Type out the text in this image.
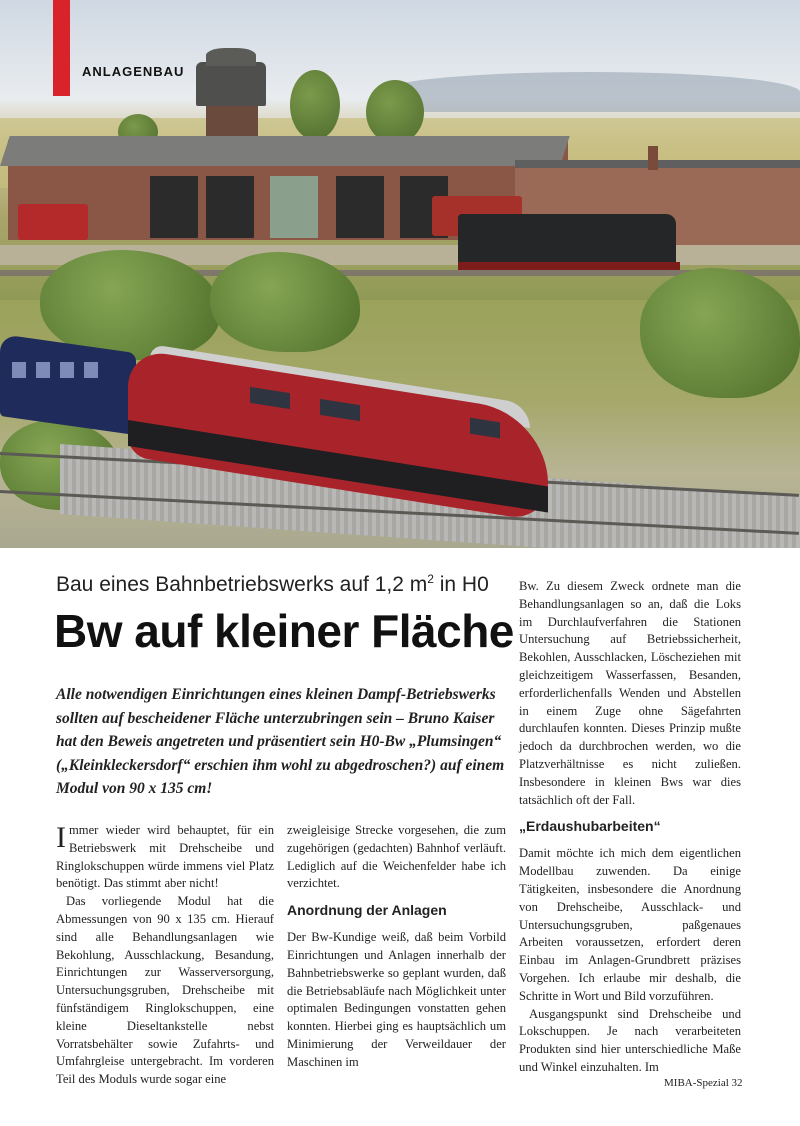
ANLAGENBAU
Bau eines Bahnbetriebswerks auf 1,2 $m^2$ in H0
Bw auf kleiner Fläche
Alle notwendigen Einrichtungen eines kleinen Dampf-Betriebswerks sollten auf bescheidener Fläche unterzubringen sein – Bruno Kaiser hat den Beweis angetreten und präsentiert sein H0-Bw „Plumsingen“ („Kleinkleckersdorf“ erschien ihm wohl zu abgedroschen?) auf einem Modul von 90 x 135 cm!

Immer wieder wird behauptet, für ein Betriebswerk mit Drehscheibe und Ringlokschuppen würde immens viel Platz benötigt. Das stimmt aber nicht!

Das vorliegende Modul hat die Abmessungen von 90 x 135 cm. Hierauf sind alle Behandlungsanlagen wie Bekohlung, Ausschlackung, Besandung, Einrichtungen zur Wasserversorgung, Untersuchungsgruben, Drehscheibe mit fünfständigem Ringlokschuppen, eine kleine Dieseltankstelle nebst Vorratsbehälter sowie Zufahrts- und Umfahrgleise untergebracht. Im vorderen Teil des Moduls wurde sogar eine

zweigleisige Strecke vorgesehen, die zum zugehörigen (gedachten) Bahnhof verläuft. Lediglich auf die Weichenfelder habe ich verzichtet.

Anordnung der Anlagen

Der Bw-Kundige weiß, daß beim Vorbild Einrichtungen und Anlagen innerhalb der Bahnbetriebswerke so geplant wurden, daß die Betriebsabläufe nach Möglichkeit unter optimalen Bedingungen vonstatten gehen konnten. Hierbei ging es hauptsächlich um Minimierung der Verweildauer der Maschinen im

Bw. Zu diesem Zweck ordnete man die Behandlungsanlagen so an, daß die Loks im Durchlaufverfahren die Stationen Untersuchung auf Betriebssicherheit, Bekohlen, Ausschlacken, Löscheziehen mit gleichzeitigem Wasserfassen, Besanden, erforderlichenfalls Wenden und Abstellen in einem Zuge ohne Sägefahrten durchlaufen konnten. Dieses Prinzip mußte jedoch da durchbrochen werden, wo die Platzverhältnisse es nicht zuließen. Insbesondere in kleinen Bws war dies tatsächlich oft der Fall.

„Erdaushubarbeiten“

Damit möchte ich mich dem eigentlichen Modellbau zuwenden. Da einige Tätigkeiten, insbesondere die Anordnung von Drehscheibe, Ausschlack- und Untersuchungsgruben, paßgenaues Arbeiten voraussetzen, erfordert deren Einbau im Anlagen-Grundbrett präzises Vorgehen. Ich erlaube mir deshalb, die Schritte in Wort und Bild vorzuführen.

Ausgangspunkt sind Drehscheibe und Lokschuppen. Je nach verarbeiteten Produkten sind hier unterschiedliche Maße und Winkel einzuhalten. Im

MIBA-Spezial 32
